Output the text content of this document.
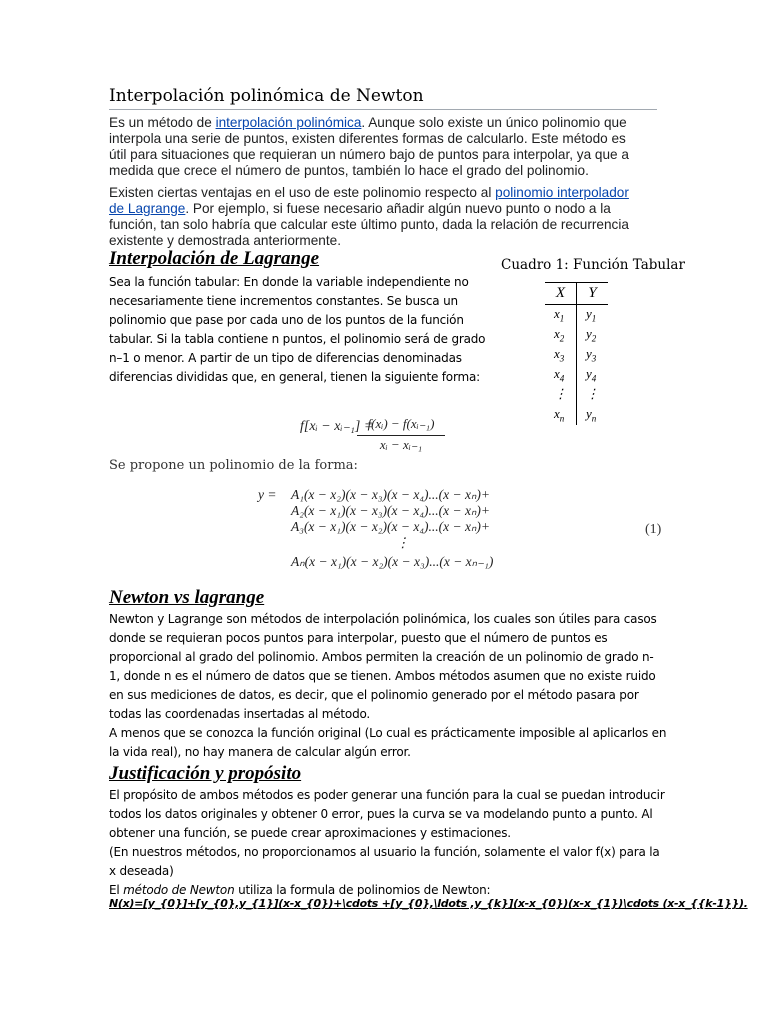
Interpolación polinómica de Newton
Es un método de interpolación polinómica. Aunque solo existe un único polinomio que
interpola una serie de puntos, existen diferentes formas de calcularlo. Este método es
útil para situaciones que requieran un número bajo de puntos para interpolar, ya que a
medida que crece el número de puntos, también lo hace el grado del polinomio.
Existen ciertas ventajas en el uso de este polinomio respecto al polinomio interpolador
de Lagrange. Por ejemplo, si fuese necesario añadir algún nuevo punto o nodo a la
función, tan solo habría que calcular este último punto, dada la relación de recurrencia
existente y demostrada anteriormente.
Interpolación de Lagrange
Sea la función tabular: En donde la variable independiente no
necesariamente tiene incrementos constantes. Se busca un
polinomio que pase por cada uno de los puntos de la función
tabular. Si la tabla contiene n puntos, el polinomio será de grado
n–1 o menor. A partir de un tipo de diferencias denominadas
diferencias divididas que, en general, tienen la siguiente forma:
Cuadro 1: Función Tabular
X	Y
$x_1$	$y_1$
$x_2$	$y_2$
$x_3$	$y_3$
$x_4$	$y_4$
⋮	⋮
$x_n$	$y_n$
f[xᵢ − xᵢ₋₁] =
f(xᵢ) − f(xᵢ₋₁)
xᵢ − xᵢ₋₁
Se propone un polinomio de la forma:
y = A₁(x − x₂)(x − x₃)(x − x₄)...(x − xₙ)+
A₂(x − x₁)(x − x₃)(x − x₄)...(x − xₙ)+
A₃(x − x₁)(x − x₂)(x − x₄)...(x − xₙ)+
⋮
Aₙ(x − x₁)(x − x₂)(x − x₃)...(x − xₙ₋₁)
(1)
Newton vs lagrange
Newton y Lagrange son métodos de interpolación polinómica, los cuales son útiles para casos
donde se requieran pocos puntos para interpolar, puesto que el número de puntos es
proporcional al grado del polinomio. Ambos permiten la creación de un polinomio de grado n-
1, donde n es el número de datos que se tienen. Ambos métodos asumen que no existe ruido
en sus mediciones de datos, es decir, que el polinomio generado por el método pasara por
todas las coordenadas insertadas al método.
A menos que se conozca la función original (Lo cual es prácticamente imposible al aplicarlos en
la vida real), no hay manera de calcular algún error.
Justificación y propósito
El propósito de ambos métodos es poder generar una función para la cual se puedan introducir
todos los datos originales y obtener 0 error, pues la curva se va modelando punto a punto. Al
obtener una función, se puede crear aproximaciones y estimaciones.
(En nuestros métodos, no proporcionamos al usuario la función, solamente el valor f(x) para la
x deseada)
El método de Newton utiliza la formula de polinomios de Newton:
N(x)=[y_{0}]+[y_{0},y_{1}](x-x_{0})+\cdots +[y_{0},\ldots ,y_{k}](x-x_{0})(x-x_{1})\cdots (x-x_{{k-1}}).
